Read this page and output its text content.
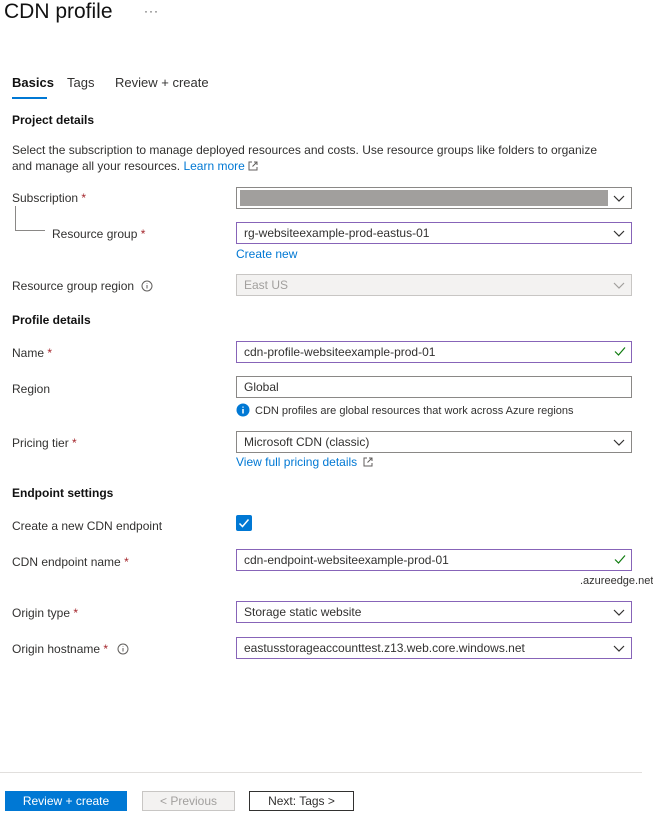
CDN profile	···
Basics Tags Review + create
Project details
Select the subscription to manage deployed resources and costs. Use resource groups like folders to organize and manage all your resources. Learn more
Subscription *
Resource group *	rg-websiteexample-prod-eastus-01
Create new
Resource group region	East US
Profile details
Name *	cdn-profile-websiteexample-prod-01
Region	Global
CDN profiles are global resources that work across Azure regions
Pricing tier *	Microsoft CDN (classic)
View full pricing details
Endpoint settings
Create a new CDN endpoint
CDN endpoint name *	cdn-endpoint-websiteexample-prod-01
.azureedge.net
Origin type *	Storage static website
Origin hostname *	eastusstorageaccounttest.z13.web.core.windows.net
Review + create	< Previous	Next: Tags >
